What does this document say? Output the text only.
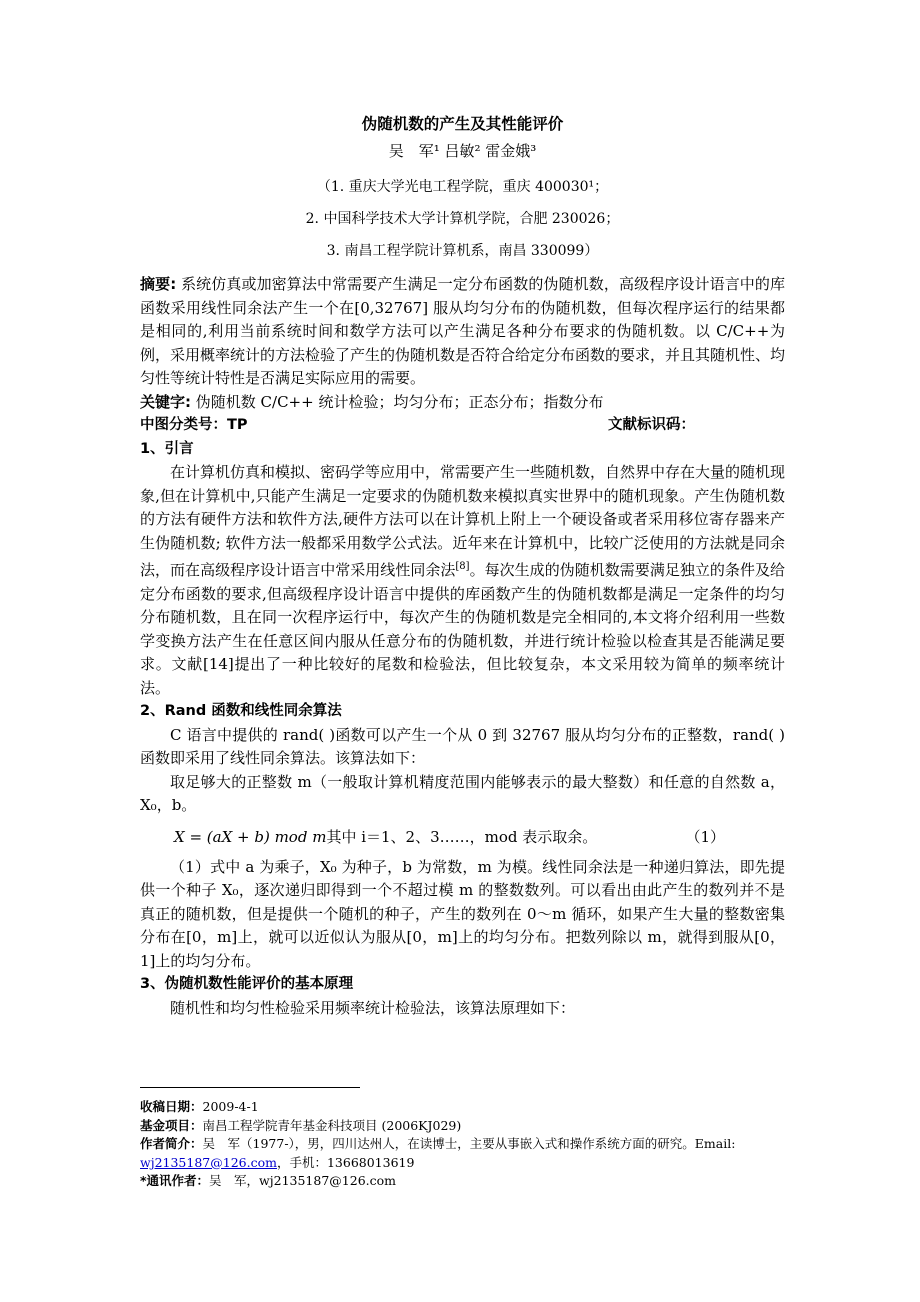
伪随机数的产生及其性能评价
吴　军¹ 吕敏² 雷金娥³
（1. 重庆大学光电工程学院，重庆 400030¹；
2. 中国科学技术大学计算机学院，合肥 230026；
3. 南昌工程学院计算机系，南昌 330099）

摘要: 系统仿真或加密算法中常需要产生满足一定分布函数的伪随机数，高级程序设计语言中的库函数采用线性同余法产生一个在[0,32767] 服从均匀分布的伪随机数，但每次程序运行的结果都是相同的,利用当前系统时间和数学方法可以产生满足各种分布要求的伪随机数。以 C/C++为例，采用概率统计的方法检验了产生的伪随机数是否符合给定分布函数的要求，并且其随机性、均匀性等统计特性是否满足实际应用的需要。

关键字: 伪随机数 C/C++ 统计检验；均匀分布；正态分布；指数分布

中图分类号：TP	文献标识码：
1、引言

在计算机仿真和模拟、密码学等应用中，常需要产生一些随机数，自然界中存在大量的随机现象,但在计算机中,只能产生满足一定要求的伪随机数来模拟真实世界中的随机现象。产生伪随机数的方法有硬件方法和软件方法,硬件方法可以在计算机上附上一个硬设备或者采用移位寄存器来产生伪随机数; 软件方法一般都采用数学公式法。近年来在计算机中，比较广泛使用的方法就是同余法，而在高级程序设计语言中常采用线性同余法[8]。每次生成的伪随机数需要满足独立的条件及给定分布函数的要求,但高级程序设计语言中提供的库函数产生的伪随机数都是满足一定条件的均匀分布随机数，且在同一次程序运行中，每次产生的伪随机数是完全相同的,本文将介绍利用一些数学变换方法产生在任意区间内服从任意分布的伪随机数，并进行统计检验以检查其是否能满足要求。文献[14]提出了一种比较好的尾数和检验法，但比较复杂，本文采用较为简单的频率统计法。

2、Rand 函数和线性同余算法

C 语言中提供的 rand( )函数可以产生一个从 0 到 32767 服从均匀分布的正整数，rand( )函数即采用了线性同余算法。该算法如下：

取足够大的正整数 m（一般取计算机精度范围内能够表示的最大整数）和任意的自然数 a，X₀，b。

X = (aX + b) mod m 其中 i＝1、2、3……，mod 表示取余。	（1）

（1）式中 a 为乘子，X₀ 为种子，b 为常数，m 为模。线性同余法是一种递归算法，即先提供一个种子 X₀，逐次递归即得到一个不超过模 m 的整数数列。可以看出由此产生的数列并不是真正的随机数，但是提供一个随机的种子，产生的数列在 0～m 循环，如果产生大量的整数密集分布在[0，m]上，就可以近似认为服从[0，m]上的均匀分布。把数列除以 m，就得到服从[0，1]上的均匀分布。

3、伪随机数性能评价的基本原理

随机性和均匀性检验采用频率统计检验法，该算法原理如下：

收稿日期：2009-4-1
基金项目：南昌工程学院青年基金科技项目 (2006KJ029)
作者简介：吴　军（1977-），男，四川达州人，在读博士，主要从事嵌入式和操作系统方面的研究。Email: wj2135187@126.com，手机：13668013619
*通讯作者：吴　军，wj2135187@126.com
